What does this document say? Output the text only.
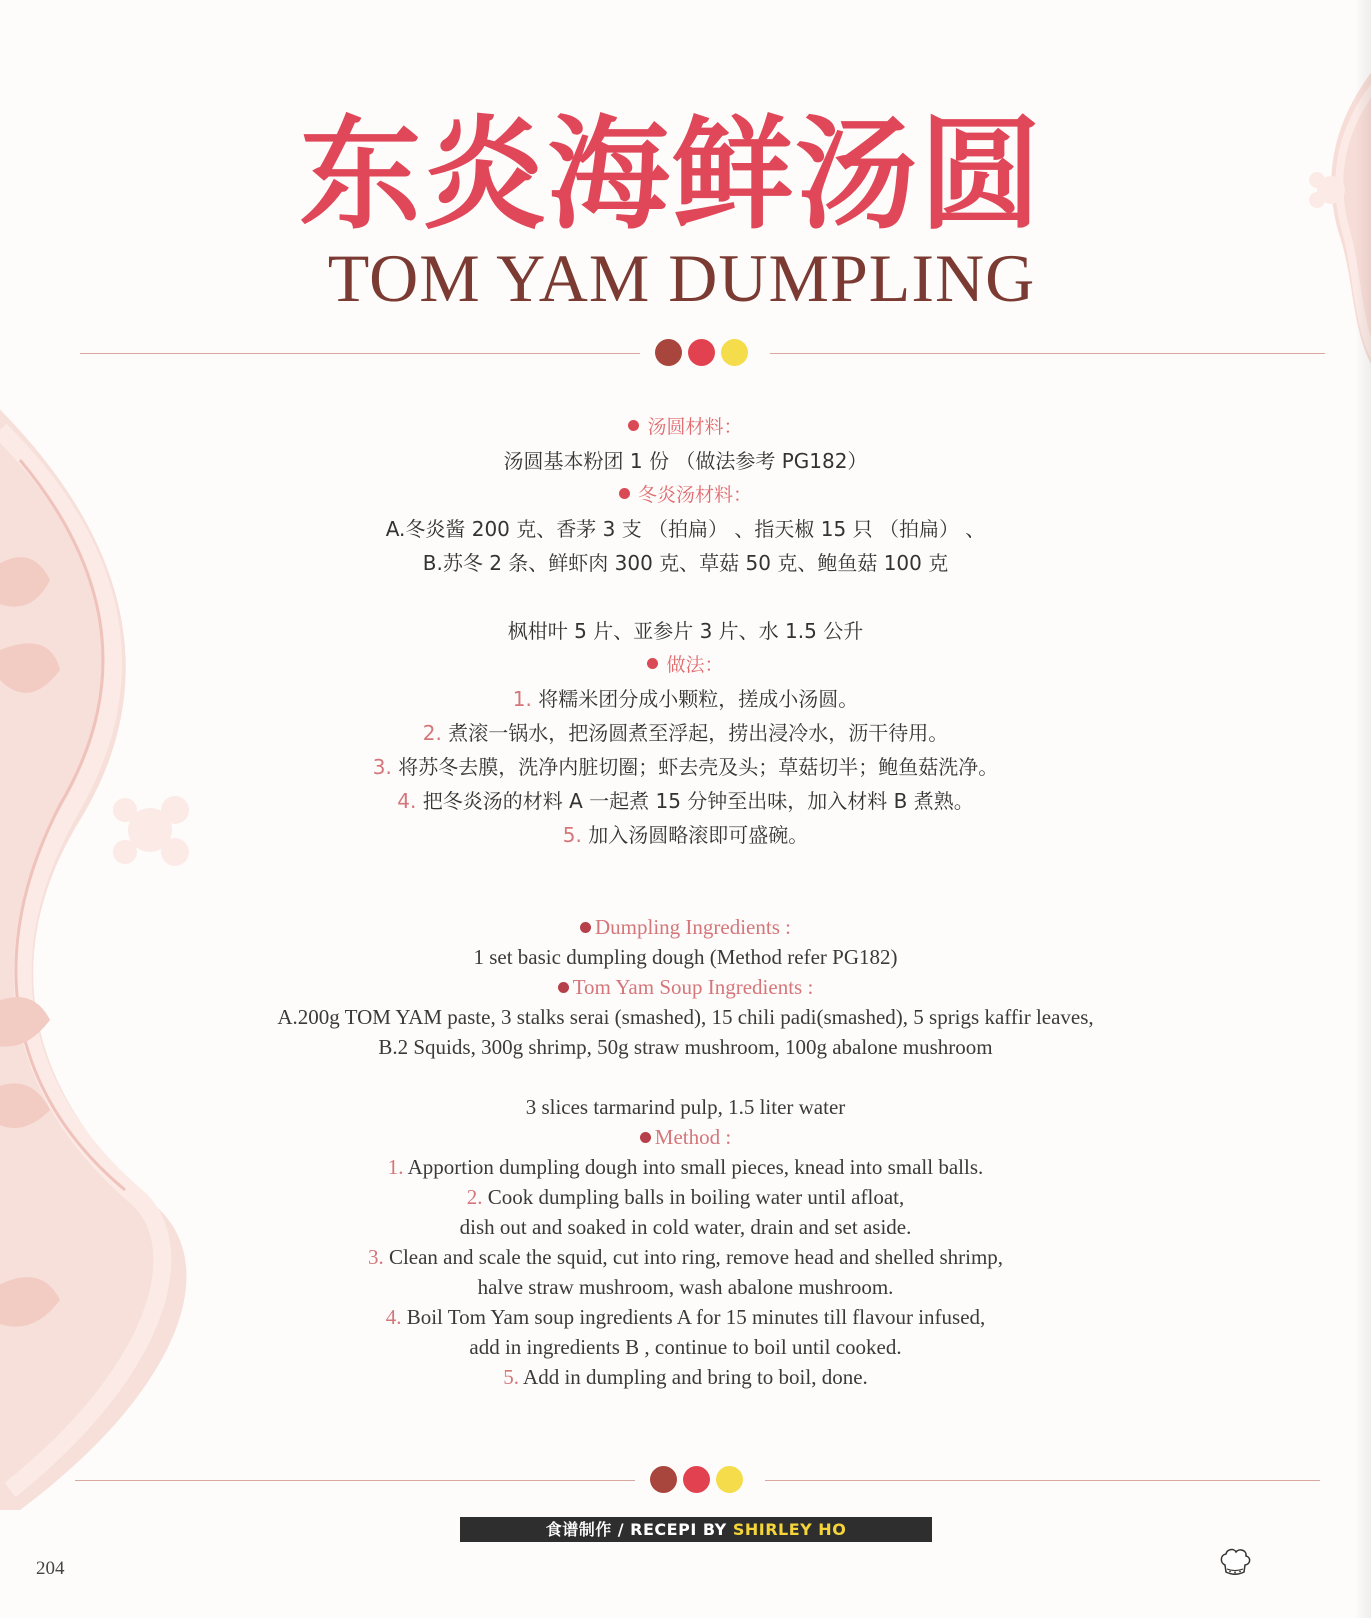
东炎海鲜汤圆
TOM YAM DUMPLING
汤圆材料：
汤圆基本粉团 1 份 （做法参考 PG182）
冬炎汤材料：
A.冬炎酱 200 克、香茅 3 支 （拍扁） 、指天椒 15 只 （拍扁） 、
B.苏冬 2 条、鲜虾肉 300 克、草菇 50 克、鲍鱼菇 100 克
枫柑叶 5 片、亚参片 3 片、水 1.5 公升
做法：
1. 将糯米团分成小颗粒，搓成小汤圆。
2. 煮滚一锅水，把汤圆煮至浮起，捞出浸冷水，沥干待用。
3. 将苏冬去膜，洗净内脏切圈；虾去壳及头；草菇切半；鲍鱼菇洗净。
4. 把冬炎汤的材料 A 一起煮 15 分钟至出味，加入材料 B 煮熟。
5. 加入汤圆略滚即可盛碗。
Dumpling Ingredients :
1 set basic dumpling dough (Method refer PG182)
Tom Yam Soup Ingredients :
A.200g TOM YAM paste, 3 stalks serai (smashed), 15 chili padi(smashed), 5 sprigs kaffir leaves,
B.2 Squids, 300g shrimp, 50g straw mushroom, 100g abalone mushroom
3 slices tarmarind pulp, 1.5 liter water
Method :
1. Apportion dumpling dough into small pieces, knead into small balls.
2. Cook dumpling balls in boiling water until afloat,
dish out and soaked in cold water, drain and set aside.
3. Clean and scale the squid, cut into ring, remove head and shelled shrimp,
halve straw mushroom, wash abalone mushroom.
4. Boil Tom Yam soup ingredients A for 15 minutes till flavour infused,
add in ingredients B , continue to boil until cooked.
5. Add in dumpling and bring to boil, done.
食谱制作 / RECEPI BY SHIRLEY HO
204
